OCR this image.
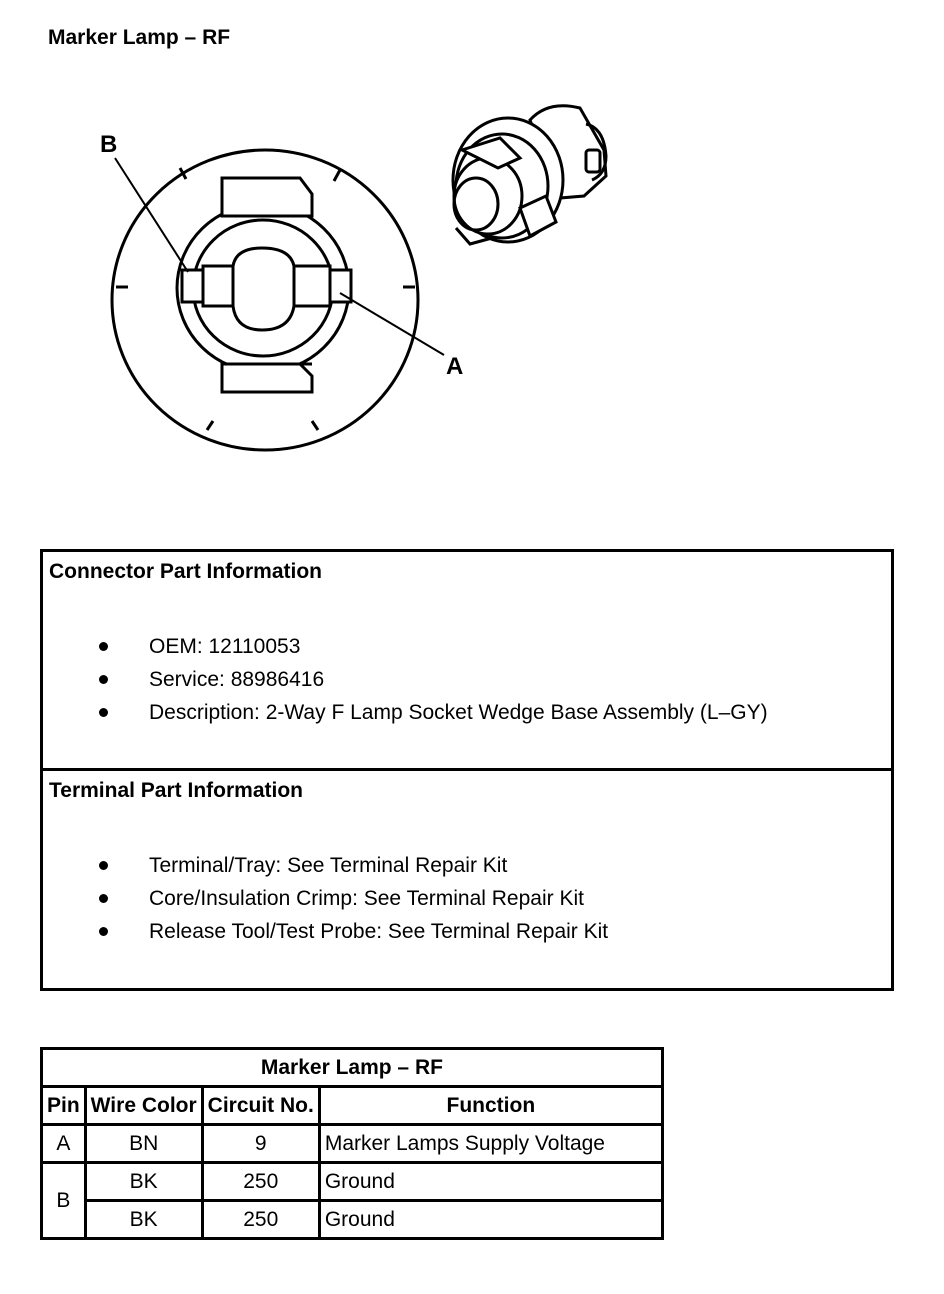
Marker Lamp – RF
B
A
Connector Part Information
OEM: 12110053
Service: 88986416
Description: 2-Way F Lamp Socket Wedge Base Assembly (L–GY)
Terminal Part Information
Terminal/Tray: See Terminal Repair Kit
Core/Insulation Crimp: See Terminal Repair Kit
Release Tool/Test Probe: See Terminal Repair Kit
Marker Lamp – RF			
Pin	Wire Color	Circuit No.	Function
A	BN	9	Marker Lamps Supply Voltage
B	BK	250	Ground
	BK	250	Ground
